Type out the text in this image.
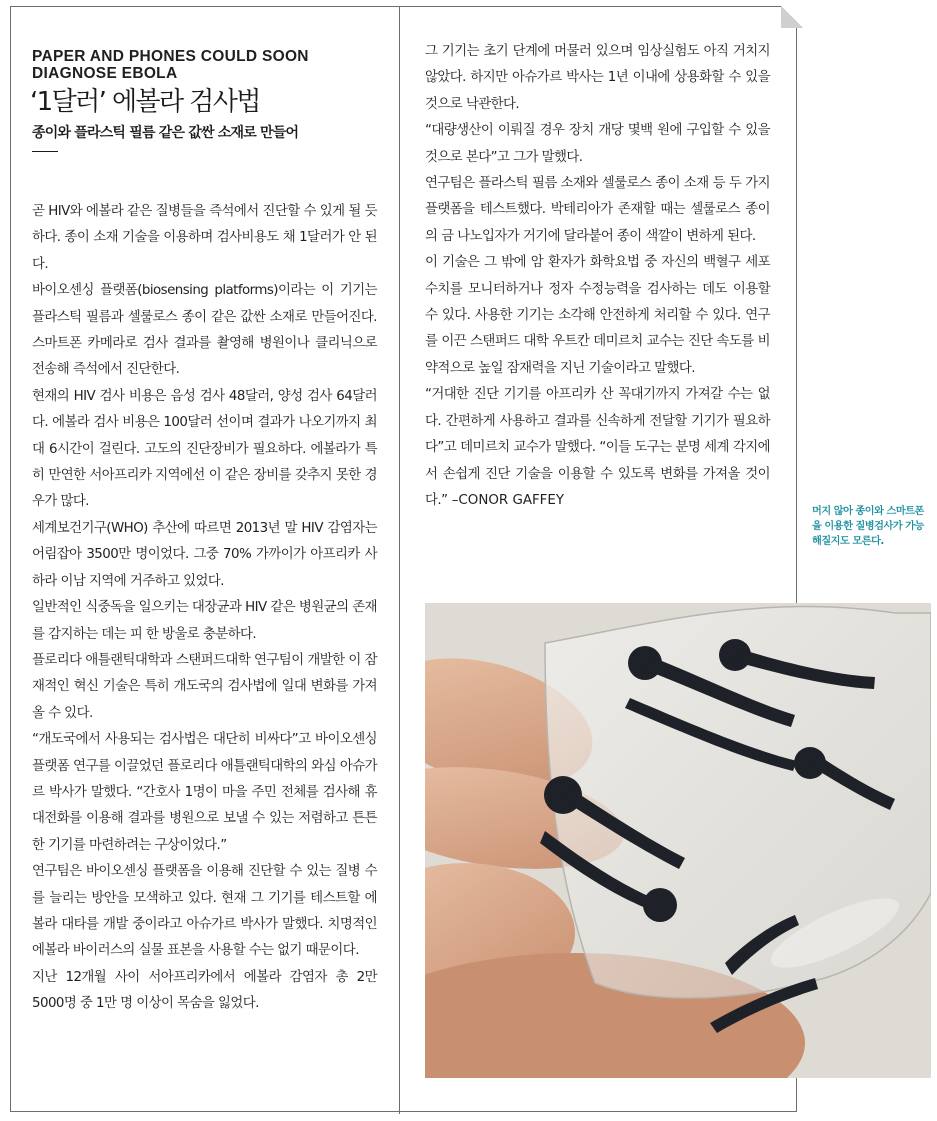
PAPER AND PHONES COULD SOON DIAGNOSE EBOLA
‘1달러’ 에볼라 검사법
종이와 플라스틱 필름 같은 값싼 소재로 만들어

곧 HIV와 에볼라 같은 질병들을 즉석에서 진단할 수 있게 될 듯하다. 종이 소재 기술을 이용하며 검사비용도 채 1달러가 안 된다.

바이오센싱 플랫폼(biosensing platforms)이라는 이 기기는 플라스틱 필름과 셀룰로스 종이 같은 값싼 소재로 만들어진다. 스마트폰 카메라로 검사 결과를 촬영해 병원이나 클리닉으로 전송해 즉석에서 진단한다.

현재의 HIV 검사 비용은 음성 검사 48달러, 양성 검사 64달러다. 에볼라 검사 비용은 100달러 선이며 결과가 나오기까지 최대 6시간이 걸린다. 고도의 진단장비가 필요하다. 에볼라가 특히 만연한 서아프리카 지역에선 이 같은 장비를 갖추지 못한 경우가 많다.

세계보건기구(WHO) 추산에 따르면 2013년 말 HIV 감염자는 어림잡아 3500만 명이었다. 그중 70% 가까이가 아프리카 사하라 이남 지역에 거주하고 있었다.

일반적인 식중독을 일으키는 대장균과 HIV 같은 병원균의 존재를 감지하는 데는 피 한 방울로 충분하다.

플로리다 애틀랜틱대학과 스탠퍼드대학 연구팀이 개발한 이 잠재적인 혁신 기술은 특히 개도국의 검사법에 일대 변화를 가져올 수 있다.

“개도국에서 사용되는 검사법은 대단히 비싸다”고 바이오센싱 플랫폼 연구를 이끌었던 플로리다 애틀랜틱대학의 와심 아슈가르 박사가 말했다. “간호사 1명이 마을 주민 전체를 검사해 휴대전화를 이용해 결과를 병원으로 보낼 수 있는 저렴하고 튼튼한 기기를 마련하려는 구상이었다.”

연구팀은 바이오센싱 플랫폼을 이용해 진단할 수 있는 질병 수를 늘리는 방안을 모색하고 있다. 현재 그 기기를 테스트할 에볼라 대타를 개발 중이라고 아슈가르 박사가 말했다. 치명적인 에볼라 바이러스의 실물 표본을 사용할 수는 없기 때문이다.

지난 12개월 사이 서아프리카에서 에볼라 감염자 총 2만 5000명 중 1만 명 이상이 목숨을 잃었다.

그 기기는 초기 단계에 머물러 있으며 임상실험도 아직 거치지 않았다. 하지만 아슈가르 박사는 1년 이내에 상용화할 수 있을 것으로 낙관한다.

“대량생산이 이뤄질 경우 장치 개당 몇백 원에 구입할 수 있을 것으로 본다”고 그가 말했다.

연구팀은 플라스틱 필름 소재와 셀룰로스 종이 소재 등 두 가지 플랫폼을 테스트했다. 박테리아가 존재할 때는 셀룰로스 종이의 금 나노입자가 거기에 달라붙어 종이 색깔이 변하게 된다.

이 기술은 그 밖에 암 환자가 화학요법 중 자신의 백혈구 세포 수치를 모니터하거나 정자 수정능력을 검사하는 데도 이용할 수 있다. 사용한 기기는 소각해 안전하게 처리할 수 있다. 연구를 이끈 스탠퍼드 대학 우트칸 데미르치 교수는 진단 속도를 비약적으로 높일 잠재력을 지닌 기술이라고 말했다.

“거대한 진단 기기를 아프리카 산 꼭대기까지 가져갈 수는 없다. 간편하게 사용하고 결과를 신속하게 전달할 기기가 필요하다”고 데미르치 교수가 말했다. “이들 도구는 분명 세계 각지에서 손쉽게 진단 기술을 이용할 수 있도록 변화를 가져올 것이다.” –CONOR GAFFEY

머지 않아 종이와 스마트폰을 이용한 질병검사가 가능해질지도 모른다.
